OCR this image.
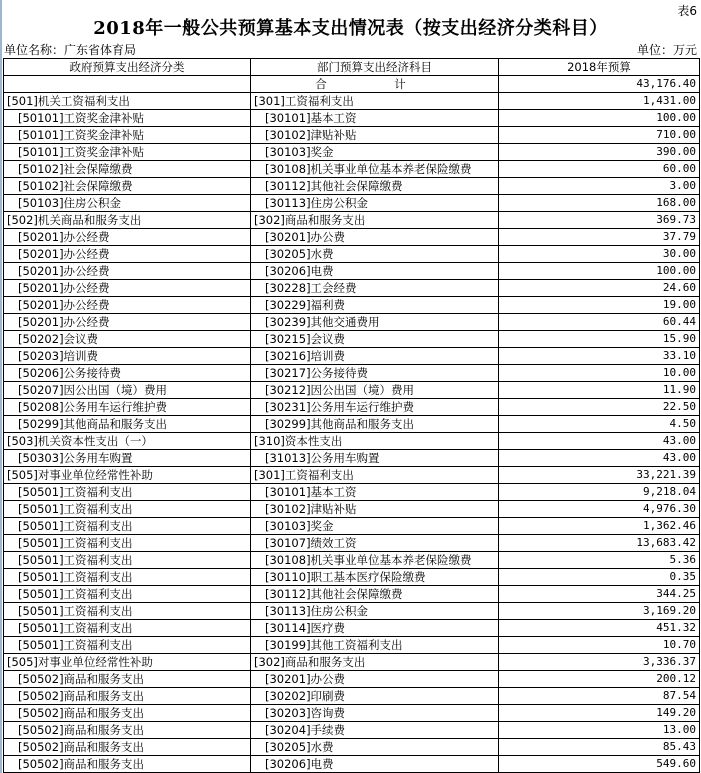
表6
2018年一般公共预算基本支出情况表（按支出经济分类科目）
单位名称：广东省体育局	单位：万元
政府预算支出经济分类	部门预算支出经济科目	2018年预算
	合　计	43,176.40
[501]机关工资福利支出	[301]工资福利支出	1,431.00
[50101]工资奖金津补贴	[30101]基本工资	100.00
[50101]工资奖金津补贴	[30102]津贴补贴	710.00
[50101]工资奖金津补贴	[30103]奖金	390.00
[50102]社会保障缴费	[30108]机关事业单位基本养老保险缴费	60.00
[50102]社会保障缴费	[30112]其他社会保障缴费	3.00
[50103]住房公积金	[30113]住房公积金	168.00
[502]机关商品和服务支出	[302]商品和服务支出	369.73
[50201]办公经费	[30201]办公费	37.79
[50201]办公经费	[30205]水费	30.00
[50201]办公经费	[30206]电费	100.00
[50201]办公经费	[30228]工会经费	24.60
[50201]办公经费	[30229]福利费	19.00
[50201]办公经费	[30239]其他交通费用	60.44
[50202]会议费	[30215]会议费	15.90
[50203]培训费	[30216]培训费	33.10
[50206]公务接待费	[30217]公务接待费	10.00
[50207]因公出国（境）费用	[30212]因公出国（境）费用	11.90
[50208]公务用车运行维护费	[30231]公务用车运行维护费	22.50
[50299]其他商品和服务支出	[30299]其他商品和服务支出	4.50
[503]机关资本性支出（一）	[310]资本性支出	43.00
[50303]公务用车购置	[31013]公务用车购置	43.00
[505]对事业单位经常性补助	[301]工资福利支出	33,221.39
[50501]工资福利支出	[30101]基本工资	9,218.04
[50501]工资福利支出	[30102]津贴补贴	4,976.30
[50501]工资福利支出	[30103]奖金	1,362.46
[50501]工资福利支出	[30107]绩效工资	13,683.42
[50501]工资福利支出	[30108]机关事业单位基本养老保险缴费	5.36
[50501]工资福利支出	[30110]职工基本医疗保险缴费	0.35
[50501]工资福利支出	[30112]其他社会保障缴费	344.25
[50501]工资福利支出	[30113]住房公积金	3,169.20
[50501]工资福利支出	[30114]医疗费	451.32
[50501]工资福利支出	[30199]其他工资福利支出	10.70
[505]对事业单位经常性补助	[302]商品和服务支出	3,336.37
[50502]商品和服务支出	[30201]办公费	200.12
[50502]商品和服务支出	[30202]印刷费	87.54
[50502]商品和服务支出	[30203]咨询费	149.20
[50502]商品和服务支出	[30204]手续费	13.00
[50502]商品和服务支出	[30205]水费	85.43
[50502]商品和服务支出	[30206]电费	549.60
